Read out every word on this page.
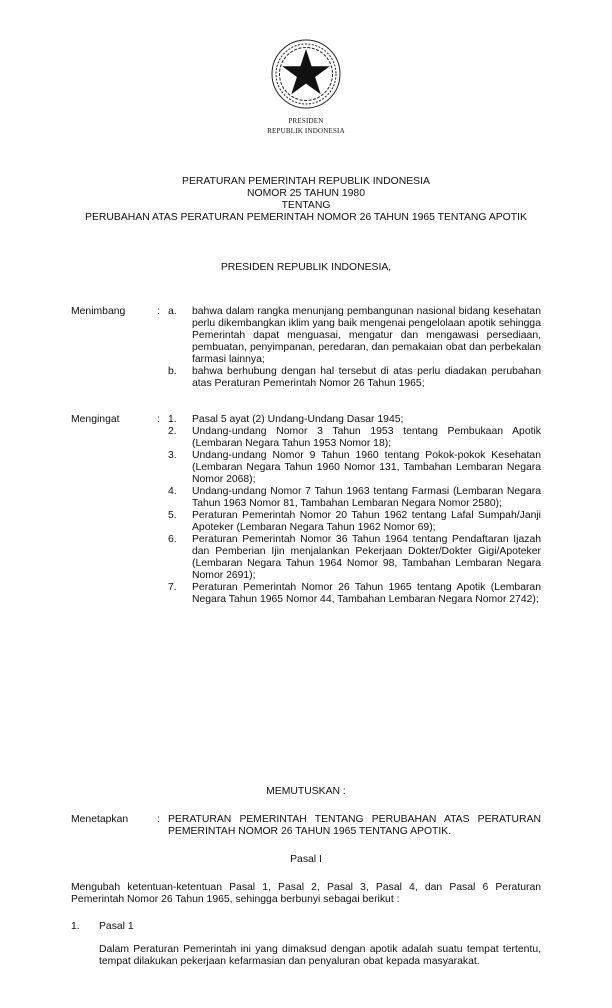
PRESIDEN
REPUBLIK INDONESIA
PERATURAN PEMERINTAH REPUBLIK INDONESIA
NOMOR 25 TAHUN 1980
TENTANG
PERUBAHAN ATAS PERATURAN PEMERINTAH NOMOR 26 TAHUN 1965 TENTANG APOTIK
PRESIDEN REPUBLIK INDONESIA,
Menimbang	: a.	bahwa dalam rangka menunjang pembangunan nasional bidang kesehatan perlu dikembangkan iklim yang baik mengenai pengelolaan apotik sehingga Pemerintah dapat menguasai, mengatur dan mengawasi persediaan, pembuatan, penyimpanan, peredaran, dan pemakaian obat dan perbekalan farmasi lainnya;
b.	bahwa berhubung dengan hal tersebut di atas perlu diadakan perubahan atas Peraturan Pemerintah Nomor 26 Tahun 1965;
Mengingat	: 1.	Pasal 5 ayat (2) Undang-Undang Dasar 1945;
2.	Undang-undang Nomor 3 Tahun 1953 tentang Pembukaan Apotik (Lembaran Negara Tahun 1953 Nomor 18);
3.	Undang-undang Nomor 9 Tahun 1960 tentang Pokok-pokok Kesehatan (Lembaran Negara Tahun 1960 Nomor 131, Tambahan Lembaran Negara Nomor 2068);
4.	Undang-undang Nomor 7 Tahun 1963 tentang Farmasi (Lembaran Negara Tahun 1963 Nomor 81, Tambahan Lembaran Negara Nomor 2580);
5.	Peraturan Pemerintah Nomor 20 Tahun 1962 tentang Lafal Sumpah/Janji Apoteker (Lembaran Negara Tahun 1962 Nomor 69);
6.	Peraturan Pemerintah Nomor 36 Tahun 1964 tentang Pendaftaran Ijazah dan Pemberian Ijin menjalankan Pekerjaan Dokter/Dokter Gigi/Apoteker (Lembaran Negara Tahun 1964 Nomor 98, Tambahan Lembaran Negara Nomor 2691);
7.	Peraturan Pemerintah Nomor 26 Tahun 1965 tentang Apotik (Lembaran Negara Tahun 1965 Nomor 44, Tambahan Lembaran Negara Nomor 2742);
MEMUTUSKAN :
Menetapkan	: PERATURAN PEMERINTAH TENTANG PERUBAHAN ATAS PERATURAN PEMERINTAH NOMOR 26 TAHUN 1965 TENTANG APOTIK.
Pasal I
Mengubah ketentuan-ketentuan Pasal 1, Pasal 2, Pasal 3, Pasal 4, dan Pasal 6 Peraturan Pemerintah Nomor 26 Tahun 1965, sehingga berbunyi sebagai berikut :
1. Pasal 1
Dalam Peraturan Pemerintah ini yang dimaksud dengan apotik adalah suatu tempat tertentu, tempat dilakukan pekerjaan kefarmasian dan penyaluran obat kepada masyarakat.
